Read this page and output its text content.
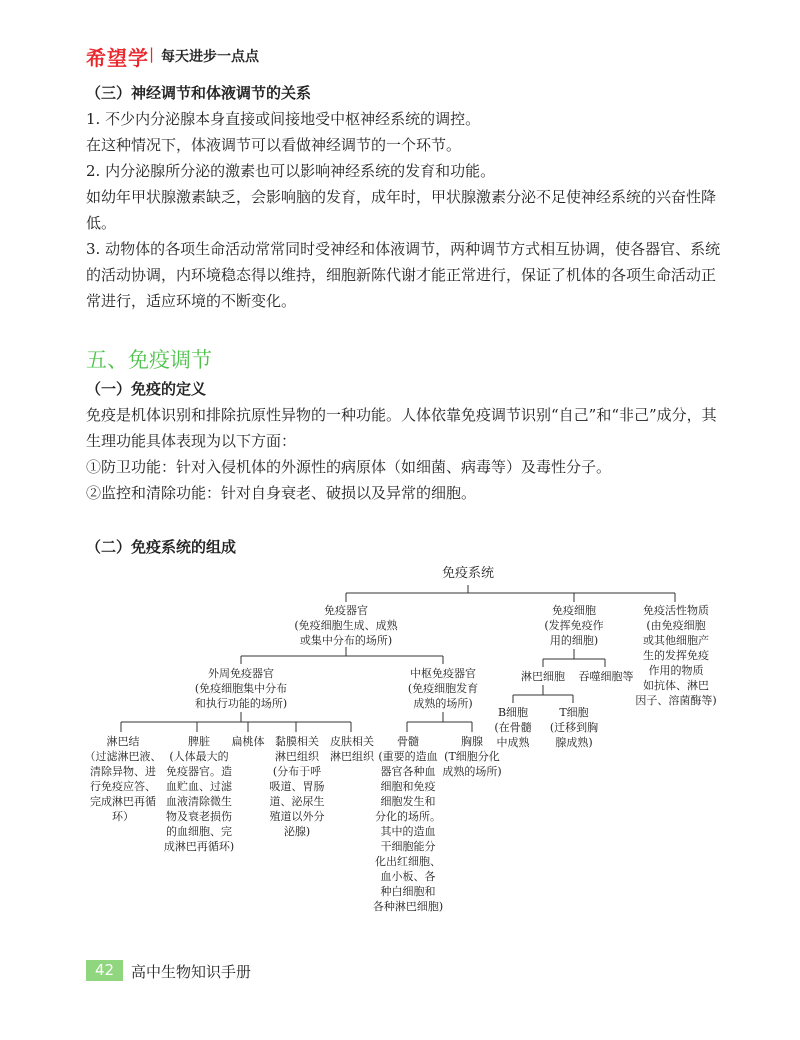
希望学 | 每天进步一点点
（三）神经调节和体液调节的关系
1. 不少内分泌腺本身直接或间接地受中枢神经系统的调控。
在这种情况下，体液调节可以看做神经调节的一个环节。
2. 内分泌腺所分泌的激素也可以影响神经系统的发育和功能。
如幼年甲状腺激素缺乏，会影响脑的发育，成年时，甲状腺激素分泌不足使神经系统的兴奋性降低。
3. 动物体的各项生命活动常常同时受神经和体液调节，两种调节方式相互协调，使各器官、系统的活动协调，内环境稳态得以维持，细胞新陈代谢才能正常进行，保证了机体的各项生命活动正常进行，适应环境的不断变化。
五、免疫调节
（一）免疫的定义
免疫是机体识别和排除抗原性异物的一种功能。人体依靠免疫调节识别“自己”和“非己”成分，其生理功能具体表现为以下方面：
①防卫功能：针对入侵机体的外源性的病原体（如细菌、病毒等）及毒性分子。
②监控和清除功能：针对自身衰老、破损以及异常的细胞。
（二）免疫系统的组成
免疫系统
免疫器官
(免疫细胞生成、成熟
或集中分布的场所)
免疫细胞
(发挥免疫作
用的细胞)
免疫活性物质
(由免疫细胞
或其他细胞产
生的发挥免疫
作用的物质
如抗体、淋巴
因子、溶菌酶等)
外周免疫器官
(免疫细胞集中分布
和执行功能的场所)
中枢免疫器官
(免疫细胞发育
成熟的场所)
淋巴细胞	吞噬细胞等
B细胞
(在骨髓
中成熟
T细胞
(迁移到胸
腺成熟)
淋巴结
（过滤淋巴液、
清除异物、进
行免疫应答、
完成淋巴再循
环）
脾脏
(人体最大的
免疫器官。造
血贮血、过滤
血液清除微生
物及衰老损伤
的血细胞、完
成淋巴再循环)
扁桃体 黏膜相关
淋巴组织
(分布于呼
吸道、胃肠
道、泌尿生
殖道以外分
泌腺)
皮肤相关
淋巴组织
骨髓
(重要的造血
器官各种血
细胞和免疫
细胞发生和
分化的场所。
其中的造血
干细胞能分
化出红细胞、
血小板、各
种白细胞和
各种淋巴细胞)
胸腺
(T细胞分化
成熟的场所)
42	高中生物知识手册
